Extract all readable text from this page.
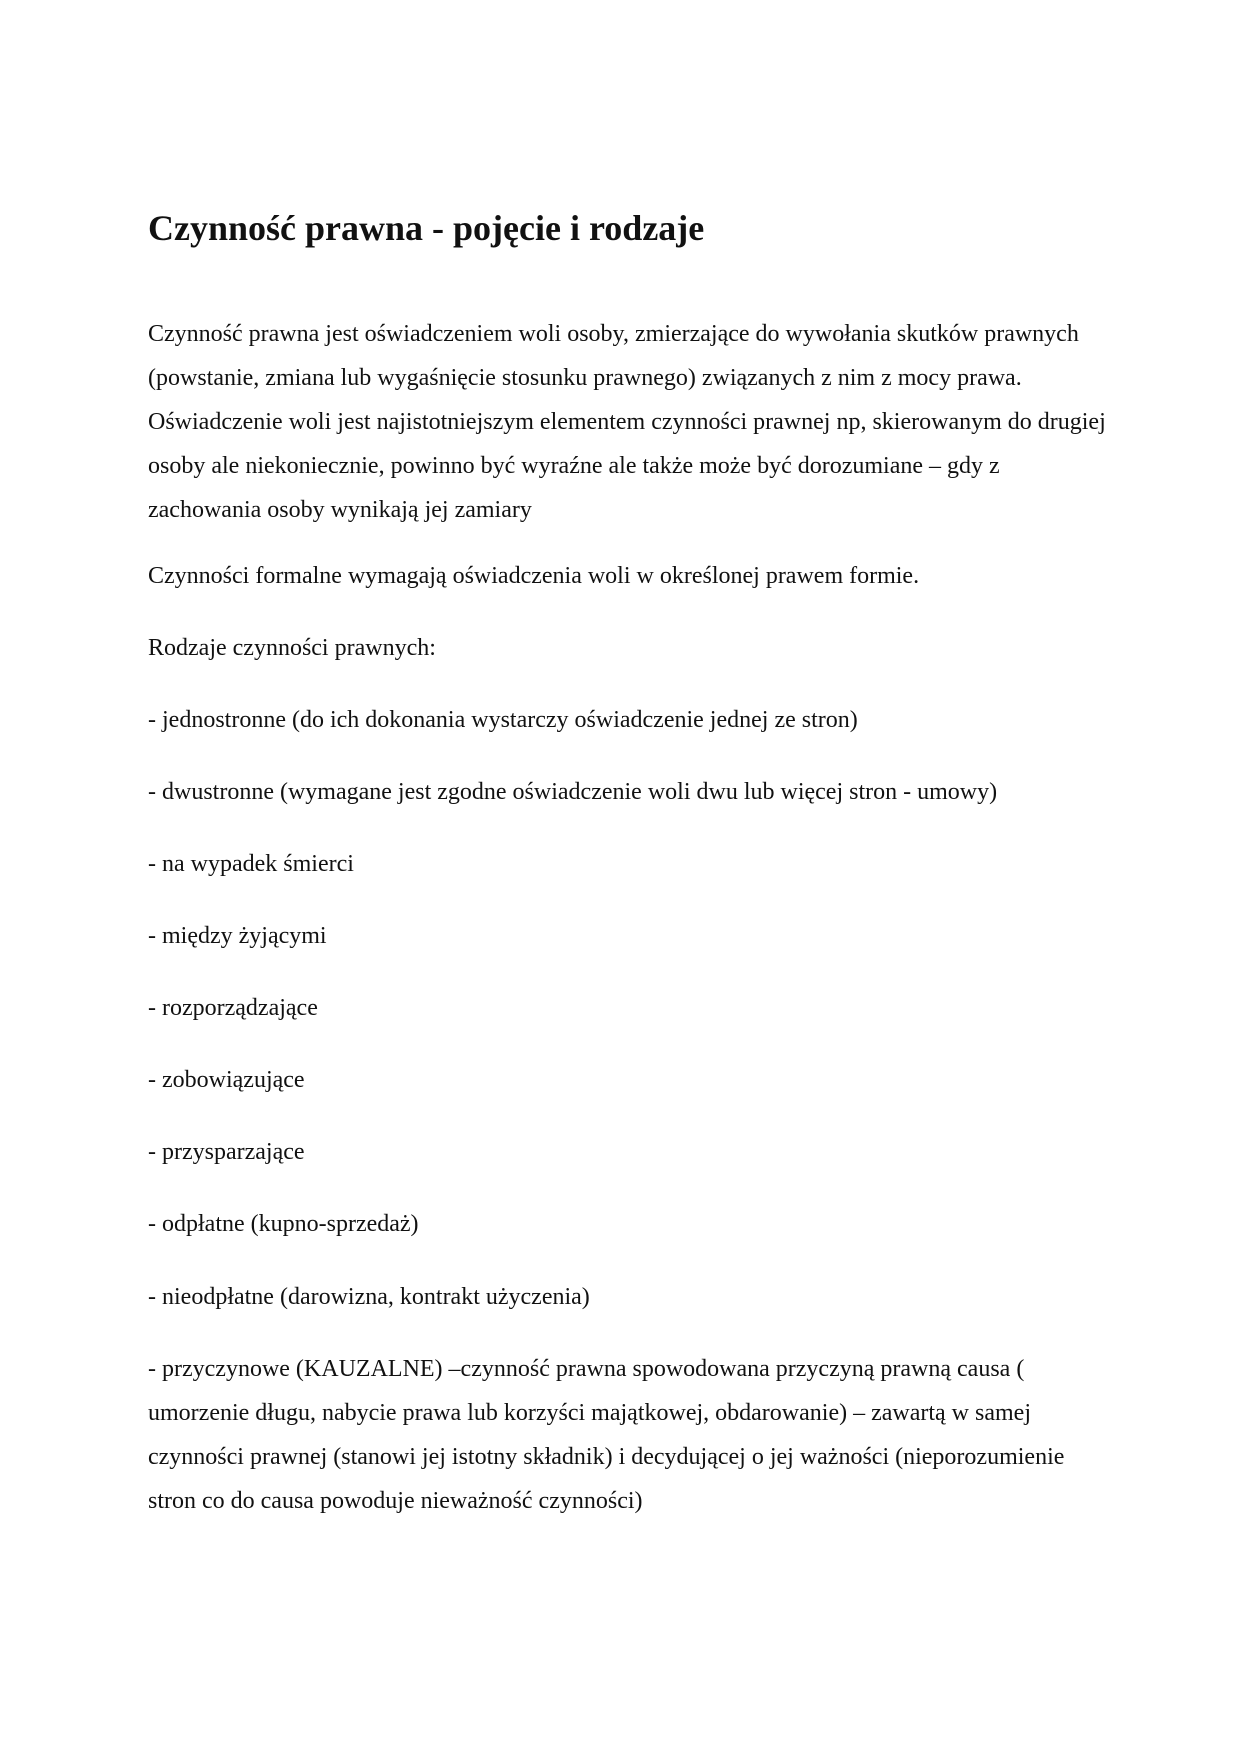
Czynność prawna - pojęcie i rodzaje

Czynność prawna jest oświadczeniem woli osoby, zmierzające do wywołania skutków prawnych (powstanie, zmiana lub wygaśnięcie stosunku prawnego) związanych z nim z mocy prawa. Oświadczenie woli jest najistotniejszym elementem czynności prawnej np, skierowanym do drugiej osoby ale niekoniecznie, powinno być wyraźne ale także może być dorozumiane – gdy z zachowania osoby wynikają jej zamiary

Czynności formalne wymagają oświadczenia woli w określonej prawem formie.

Rodzaje czynności prawnych:

- jednostronne (do ich dokonania wystarczy oświadczenie jednej ze stron)

- dwustronne (wymagane jest zgodne oświadczenie woli dwu lub więcej stron - umowy)

- na wypadek śmierci

- między żyjącymi

- rozporządzające

- zobowiązujące

- przysparzające

- odpłatne (kupno-sprzedaż)

- nieodpłatne (darowizna, kontrakt użyczenia)

- przyczynowe (KAUZALNE) –czynność prawna spowodowana przyczyną prawną causa ( umorzenie długu, nabycie prawa lub korzyści majątkowej, obdarowanie) – zawartą w samej czynności prawnej (stanowi jej istotny składnik) i decydującej o jej ważności (nieporozumienie stron co do causa powoduje nieważność czynności)
